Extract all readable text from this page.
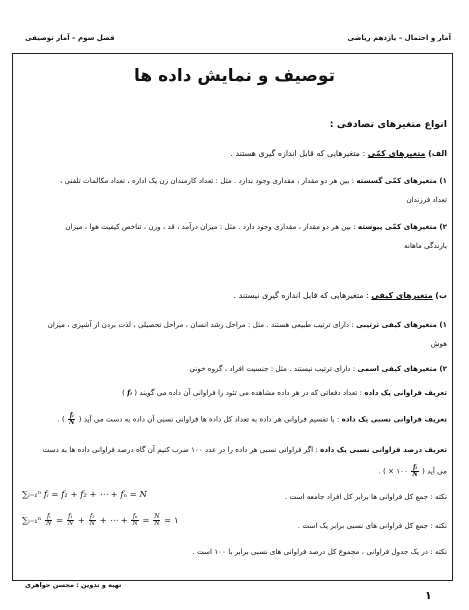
آمار و احتمال – یازدهم ریاضی
فصل سوم – آمار توصیفی
توصیف و نمایش داده ها
انواع متغیرهای تصادفی :
الف) متغیرهای کمّی : متغیرهایی که قابل اندازه گیری هستند .
۱) متغیرهای کمّی گسسته : بین هر دو مقدار ، مقداری وجود ندارد . مثل : تعداد کارمندان زن یک اداره ، تعداد مکالمات تلفنی ،
تعداد فرزندان
۲) متغیرهای کمّی پیوسته : بین هر دو مقدار ، مقداری وجود دارد . مثل : میزان درآمد ، قد ، وزن ، تناخص کیفیت هوا ، میزان
بارندگی ماهانه
ب) متغیرهای کیفی : متغیرهایی که قابل اندازه گیری نیستند .
۱) متغیرهای کیفی ترتیبی : دارای ترتیب طبیعی هستند . مثل : مراحل رشد انسان ، مراحل تحصیلی ، لذت بردن از آشپزی ، میزان
هوش
۲) متغیرهای کیفی اسمی : دارای ترتیب نیستند . مثل : جنسیت افراد ، گروه خونی
تعریف فراوانی یک داده : تعداد دفعاتی که در هر داده مشاهده می تئود را فراوانی آن داده می گویند ( fᵢ )
تعریف فراوانی نسبی یک داده : با تقسیم فراوانی هر داده به تعداد کل داده ها فراوانی نسبی آن داده به دست می آید (
$\frac{\text{fᵢ}}{N}$
) .
تعریف درصد فراوانی نسبی یک داده : اگر فراوانی نسبی هر داده را در عدد ۱۰۰ ضرب کنیم آن گاه درصد فراوانی داده ها به دست
می آید ( × ۱۰۰ $\frac{\text{fᵢ}}{N}$
) .
نکته : جمع کل فراوانی ها برابر کل افراد جامعه است .
∑ᵢ₌₁ⁿ fᵢ = f₁ + f₂ + ⋯ + fₙ = N
نکته : جمع کل فراوانی های نسبی برابر یک است .
∑ᵢ₌₁ⁿ $\frac{\text{fᵢ}}{N} = \frac{\text{f₁}}{N} + \frac{\text{f₂}}{N}$ + ⋯ + $\frac{\text{fₙ}}{N} = \frac{N}{N}$ = ۱
نکته : در یک جدول فراوانی ، مجموع کل درصد فراوانی های نسبی برابر با ۱۰۰ است .
تهیه و تدوین : محسن جواهری
۱
